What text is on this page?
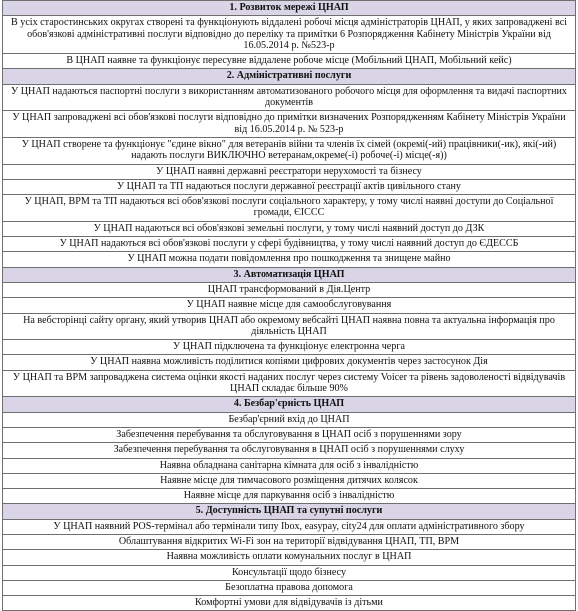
1. Розвиток мережі ЦНАП
В усіх старостинських округах створені та функціонують віддалені робочі місця адміністраторів ЦНАП, у яких запроваджені всі обов'язкові адміністративні послуги відповідно до переліку та примітки 6 Розпорядження Кабінету Міністрів України від 16.05.2014 р. №523-р
В ЦНАП наявне та функціонує пересувне віддалене робоче місце (Мобільний ЦНАП, Мобільний кейс)
2. Адміністративні послуги
У ЦНАП надаються паспортні послуги з використанням автоматизованого робочого місця для оформлення та видачі паспортних документів
У ЦНАП запроваджені всі обов'язкові послуги відповідно до примітки визначених Розпорядженням Кабінету Міністрів України від 16.05.2014 р. № 523-р
У ЦНАП створене та функціонує "єдине вікно" для ветеранів війни та членів їх сімей (окремі(-ий) працівники(-ик), які(-ий) надають послуги ВИКЛЮЧНО ветеранам,окреме(-і) робоче(-і) місце(-я))
У ЦНАП наявні державні реєстратори нерухомості та бізнесу
У ЦНАП та ТП надаються послуги державної реєстрації актів цивільного стану
У ЦНАП, ВРМ та ТП надаються всі обов'язкові послуги соціального характеру, у тому числі наявні доступи до Соціальної громади, ЄІССС
У ЦНАП надаються всі обов'язкові земельні послуги, у тому числі наявний доступ до ДЗК
У ЦНАП надаються всі обов'язкові послуги у сфері будівництва, у тому числі наявний доступ до ЄДЕССБ
У ЦНАП можна подати повідомлення про пошкодження та знищене майно
3. Автоматизація ЦНАП
ЦНАП трансформований в Дія.Центр
У ЦНАП наявне місце для самообслуговування
На вебсторінці сайту органу, який утворив ЦНАП або окремому вебсайті ЦНАП наявна повна та актуальна інформація про діяльність ЦНАП
У ЦНАП підключена та функціонує електронна черга
У ЦНАП наявна можливість поділитися копіями цифрових документів через застосунок Дія
У ЦНАП та ВРМ запроваджена система оцінки якості наданих послуг через систему Voicer та рівень задоволеності відвідувачів ЦНАП складає більше 90%
4. Безбар'єрність ЦНАП
Безбар'єрний вхід до ЦНАП
Забезпечення перебування та обслуговування в ЦНАП осіб з порушеннями зору
Забезпечення перебування та обслуговування в ЦНАП осіб з порушеннями слуху
Наявна обладнана санітарна кімната для осіб з інвалідністю
Наявне місце для тимчасового розміщення дитячих колясок
Наявне місце для паркування осіб з інвалідністю
5. Доступність ЦНАП та супутні послуги
У ЦНАП наявний POS-термінал або термінали типу Ibox, easypay, city24 для оплати адміністративного збору
Облаштування відкритих Wi-Fi зон на території відвідування ЦНАП, ТП, ВРМ
Наявна можливість оплати комунальних послуг в ЦНАП
Консультації щодо бізнесу
Безоплатна правова допомога
Комфортні умови для відвідувачів із дітьми
